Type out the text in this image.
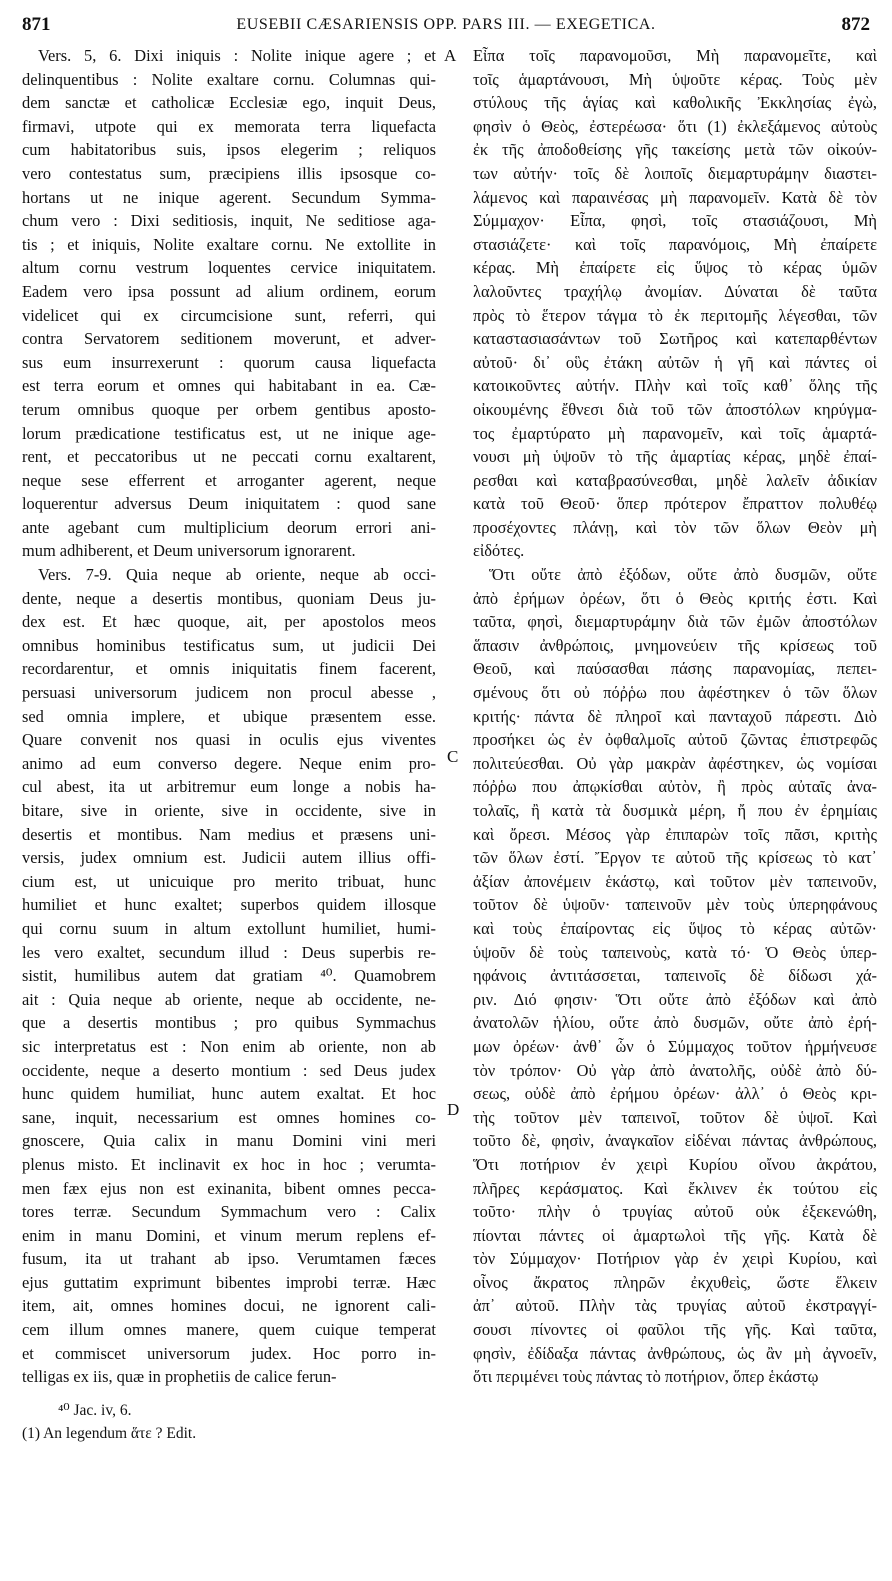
871	EUSEBII CÆSARIENSIS OPP. PARS III. — EXEGETICA.	872
Vers. 5, 6. Dixi iniquis : Nolite inique agere ; et
delinquentibus : Nolite exaltare cornu. Columnas qui-
dem sanctæ et catholicæ Ecclesiæ ego, inquit Deus,
firmavi, utpote qui ex memorata terra liquefacta
cum habitatoribus suis, ipsos elegerim ; reliquos
vero contestatus sum, præcipiens illis ipsosque co-
hortans ut ne inique agerent. Secundum Symma-
chum vero : Dixi seditiosis, inquit, Ne seditiose aga-
tis ; et iniquis, Nolite exaltare cornu. Ne extollite in
altum cornu vestrum loquentes cervice iniquitatem.
Eadem vero ipsa possunt ad alium ordinem, eorum
videlicet qui ex circumcisione sunt, referri, qui
contra Servatorem seditionem moverunt, et adver-
sus eum insurrexerunt : quorum causa liquefacta
est terra eorum et omnes qui habitabant in ea. Cæ-
terum omnibus quoque per orbem gentibus aposto-
lorum prædicatione testificatus est, ut ne inique age-
rent, et peccatoribus ut ne peccati cornu exaltarent,
neque sese efferrent et arroganter agerent, neque
loquerentur adversus Deum iniquitatem : quod sane
ante agebant cum multiplicium deorum errori ani-
mum adhiberent, et Deum universorum ignorarent.
Vers. 7-9. Quia neque ab oriente, neque ab occi-
dente, neque a desertis montibus, quoniam Deus ju-
dex est. Et hæc quoque, ait, per apostolos meos
omnibus hominibus testificatus sum, ut judicii Dei
recordarentur, et omnis iniquitatis finem facerent,
persuasi universorum judicem non procul abesse ,
sed omnia implere, et ubique præsentem esse.
Quare convenit nos quasi in oculis ejus viventes
animo ad eum converso degere. Neque enim pro-
cul abest, ita ut arbitremur eum longe a nobis ha-
bitare, sive in oriente, sive in occidente, sive in
desertis et montibus. Nam medius et præsens uni-
versis, judex omnium est. Judicii autem illius offi-
cium est, ut unicuique pro merito tribuat, hunc
humiliet et hunc exaltet; superbos quidem illosque
qui cornu suum in altum extollunt humiliet, humi-
les vero exaltet, secundum illud : Deus superbis re-
sistit, humilibus autem dat gratiam ⁴⁰. Quamobrem
ait : Quia neque ab oriente, neque ab occidente, ne-
que a desertis montibus ; pro quibus Symmachus
sic interpretatus est : Non enim ab oriente, non ab
occidente, neque a deserto montium : sed Deus judex
hunc quidem humiliat, hunc autem exaltat. Et hoc
sane, inquit, necessarium est omnes homines co-
gnoscere, Quia calix in manu Domini vini meri
plenus misto. Et inclinavit ex hoc in hoc ; verumta-
men fæx ejus non est exinanita, bibent omnes pecca-
tores terræ. Secundum Symmachum vero : Calix
enim in manu Domini, et vinum merum replens ef-
fusum, ita ut trahant ab ipso. Verumtamen fæces
ejus guttatim exprimunt bibentes improbi terræ. Hæc
item, ait, omnes homines docui, ne ignorent cali-
cem illum omnes manere, quem cuique temperat
et commiscet universorum judex. Hoc porro in-
telligas ex iis, quæ in prophetiis de calice ferun-
Εἶπα τοῖς παρανομοῦσι, Μὴ παρανομεῖτε, καὶ
τοῖς ἁμαρτάνουσι, Μὴ ὑψοῦτε κέρας. Τοὺς μὲν
στύλους τῆς ἁγίας καὶ καθολικῆς Ἐκκλησίας ἐγὼ,
φησὶν ὁ Θεὸς, ἐστερέωσα· ὅτι (1) ἐκλεξάμενος αὐτοὺς
ἐκ τῆς ἀποδοθείσης γῆς τακείσης μετὰ τῶν οἰκούν-
των αὐτήν· τοῖς δὲ λοιποῖς διεμαρτυράμην διαστει-
λάμενος καὶ παραινέσας μὴ παρανομεῖν. Κατὰ δὲ τὸν
Σύμμαχον· Εἶπα, φησὶ, τοῖς στασιάζουσι, Μὴ
στασιάζετε· καὶ τοῖς παρανόμοις, Μὴ ἐπαίρετε
κέρας. Μὴ ἐπαίρετε εἰς ὕψος τὸ κέρας ὑμῶν
λαλοῦντες τραχήλῳ ἀνομίαν. Δύναται δὲ ταῦτα
πρὸς τὸ ἕτερον τάγμα τὸ ἐκ περιτομῆς λέγεσθαι, τῶν
καταστασιασάντων τοῦ Σωτῆρος καὶ κατεπαρθέντων
αὐτοῦ· δι᾽ οὓς ἐτάκη αὐτῶν ἡ γῆ καὶ πάντες οἱ
κατοικοῦντες αὐτήν. Πλὴν καὶ τοῖς καθ᾽ ὅλης τῆς
οἰκουμένης ἔθνεσι διὰ τοῦ τῶν ἀποστόλων κηρύγμα-
τος ἐμαρτύρατο μὴ παρανομεῖν, καὶ τοῖς ἁμαρτά-
νουσι μὴ ὑψοῦν τὸ τῆς ἁμαρτίας κέρας, μηδὲ ἐπαί-
ρεσθαι καὶ καταβρασύνεσθαι, μηδὲ λαλεῖν ἀδικίαν
κατὰ τοῦ Θεοῦ· ὅπερ πρότερον ἔπραττον πολυθέῳ
προσέχοντες πλάνῃ, καὶ τὸν τῶν ὅλων Θεὸν μὴ
εἰδότες.
Ὅτι οὔτε ἀπὸ ἐξόδων, οὔτε ἀπὸ δυσμῶν, οὔτε
ἀπὸ ἐρήμων ὀρέων, ὅτι ὁ Θεὸς κριτής ἐστι. Καὶ
ταῦτα, φησὶ, διεμαρτυράμην διὰ τῶν ἐμῶν ἀποστόλων
ἅπασιν ἀνθρώποις, μνημονεύειν τῆς κρίσεως τοῦ
Θεοῦ, καὶ παύσασθαι πάσης παρανομίας, πεπει-
σμένους ὅτι οὐ πόῤῥω που ἀφέστηκεν ὁ τῶν ὅλων
κριτής· πάντα δὲ πληροῖ καὶ πανταχοῦ πάρεστι. Διὸ
προσήκει ὡς ἐν ὀφθαλμοῖς αὐτοῦ ζῶντας ἐπιστρεφῶς
πολιτεύεσθαι. Οὐ γὰρ μακρὰν ἀφέστηκεν, ὡς νομίσαι
πόῤῥω που ἀπῳκίσθαι αὐτὸν, ἢ πρὸς αὐταῖς ἀνα-
τολαῖς, ἢ κατὰ τὰ δυσμικὰ μέρη, ἤ που ἐν ἐρημίαις
καὶ ὄρεσι. Μέσος γὰρ ἐπιπαρὼν τοῖς πᾶσι, κριτὴς
τῶν ὅλων ἐστί. Ἔργον τε αὐτοῦ τῆς κρίσεως τὸ κατ᾽
ἀξίαν ἀπονέμειν ἑκάστῳ, καὶ τοῦτον μὲν ταπεινοῦν,
τοῦτον δὲ ὑψοῦν· ταπεινοῦν μὲν τοὺς ὑπερηφάνους
καὶ τοὺς ἐπαίροντας εἰς ὕψος τὸ κέρας αὐτῶν·
ὑψοῦν δὲ τοὺς ταπεινοὺς, κατὰ τό· Ὁ Θεὸς ὑπερ-
ηφάνοις ἀντιτάσσεται, ταπεινοῖς δὲ δίδωσι χά-
ριν. Διό φησιν· Ὅτι οὔτε ἀπὸ ἐξόδων καὶ ἀπὸ
ἀνατολῶν ἡλίου, οὔτε ἀπὸ δυσμῶν, οὔτε ἀπὸ ἐρή-
μων ὀρέων· ἀνθ᾽ ὧν ὁ Σύμμαχος τοῦτον ἡρμήνευσε
τὸν τρόπον· Οὐ γὰρ ἀπὸ ἀνατολῆς, οὐδὲ ἀπὸ δύ-
σεως, οὐδὲ ἀπὸ ἐρήμου ὀρέων· ἀλλ᾽ ὁ Θεὸς κρι-
τὴς τοῦτον μὲν ταπεινοῖ, τοῦτον δὲ ὑψοῖ. Καὶ
τοῦτο δὲ, φησὶν, ἀναγκαῖον εἰδέναι πάντας ἀνθρώπους,
Ὅτι ποτήριον ἐν χειρὶ Κυρίου οἴνου ἀκράτου,
πλῆρες κεράσματος. Καὶ ἔκλινεν ἐκ τούτου εἰς
τοῦτο· πλὴν ὁ τρυγίας αὐτοῦ οὐκ ἐξεκενώθη,
πίονται πάντες οἱ ἁμαρτωλοὶ τῆς γῆς. Κατὰ δὲ
τὸν Σύμμαχον· Ποτήριον γὰρ ἐν χειρὶ Κυρίου, καὶ
οἶνος ἄκρατος πληρῶν ἐκχυθεὶς, ὥστε ἕλκειν
ἀπ᾽ αὐτοῦ. Πλὴν τὰς τρυγίας αὐτοῦ ἐκστραγγί-
σουσι πίνοντες οἱ φαῦλοι τῆς γῆς. Καὶ ταῦτα,
φησὶν, ἐδίδαξα πάντας ἀνθρώπους, ὡς ἂν μὴ ἀγνοεῖν,
ὅτι περιμένει τοὺς πάντας τὸ ποτήριον, ὅπερ ἑκάστῳ
A
C
D
⁴⁰ Jac. iv, 6.
(1) An legendum ἅτε ? Edit.
